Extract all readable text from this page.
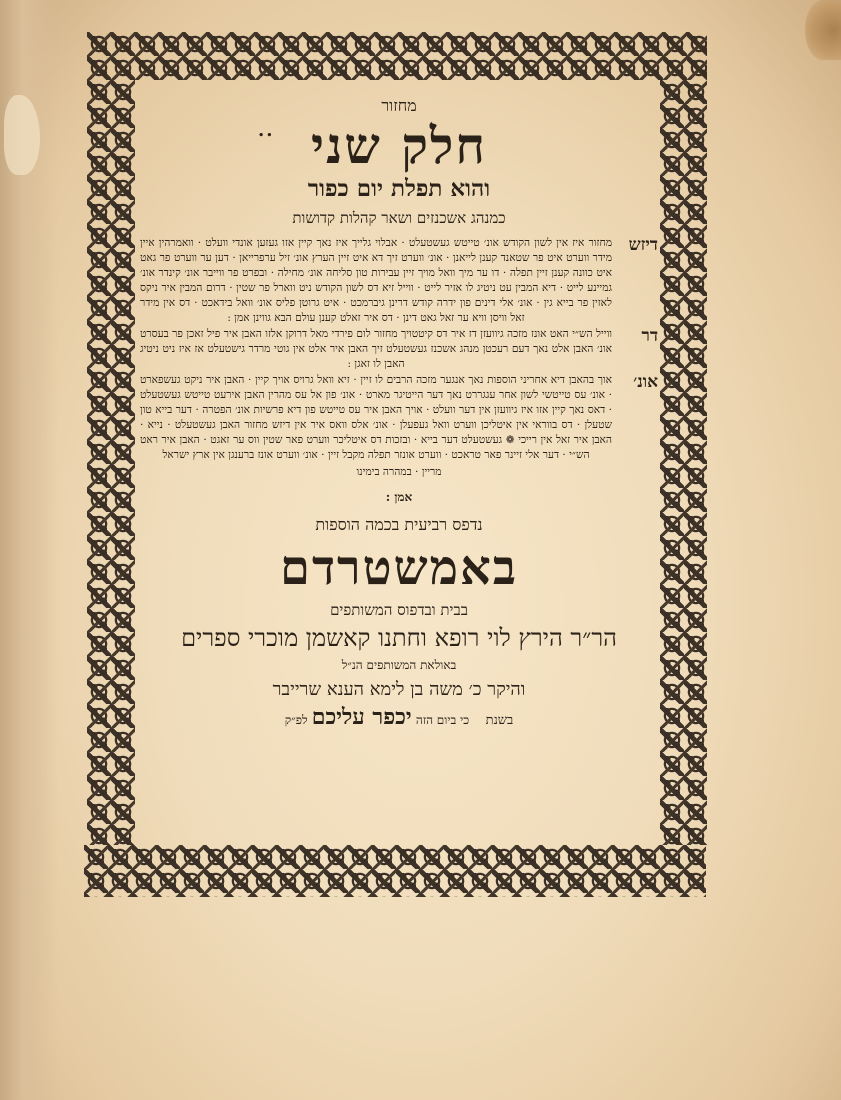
מחזור

.. חלק שני

והוא תפלת יום כפור

כמנהג אשכנזים ושאר קהלות קדושות

דיזש

מחזור איז אין לשון הקודש אונ׳ טייטש געשטעלט · אבלוי גלייך איז נאך קיין אזו געזען אונדי וועלט · וואמרהין איין מידר ווערט איט פר שטאנד קענן לייאנן · אונ׳ ווערט זיך דא איט זיין הערץ אונ׳ זיל ערפרייאן · דען ער ווערט פר גאט איט כוונה קענן זיין תפלה · דו ער מיך וואל מויך זיין עבירות טון סליחה אונ׳ מחילה · ובפרט פר ווייבר אונ׳ קינדר אונ׳ גמיינע לייט · דיא המבין עט ניטיג לו אזיר לייט · ווייל זיא דס לשון הקודש ניט ווארל פר שטין · דרום המבין איר ניקס לאזין פר בייא גין · אונ׳ אלי דינים פון ידרה קודש דרינן גיברמכט · איט גרוטן פליס אונ׳ וואל בידאכט · דס אין מידר זאל וויסן וויא ער זאל גאט דינן · דס איר זאלט קענן עולם הבא גווינן אמן :

דר

ווייל הש״י האט אונז מזכה גיוועזן דז איר דס קיטטויך מחזור לום פירדי מאל דרוקן אלזו האבן איר פיל זאכן פר בעסרט אונ׳ האבן אלט נאך דעם רעכטן מנהג אשכנז געשטעלט זיך האבן איר אלט אין גוטי מרדר גישטעלט אז איז ניט ניטיג האבן לו זאגן :

אונ׳

אוך בהאבן דיא אחריני הוספות נאך אנגער מזכה הרבים לו זיין · זיא וואל גרויס אויך קיין · האבן איר ניקט געשפארט · אונ׳ עס טייטשי לשון אחר עגגררט נאך דער הייטיגר מארט · אונ׳ פון אל עס מהרין האבן אירעט טייטש געשטעלט · דאס נאך קיין אזו איז גיוועזן אין דער וועלט · אויך האבן איר עס טייטש פון דיא פרשיות אונ׳ הפטרה · דער בייא טון שטעלן · דס בווראי אין איטליכן ווערט וואל געפעלן · אונ׳ אלס וואס איר אין דיזש מחזור האבן געשטעלט · נייא · האבן איר זאל אין רייכי ❁ געשטעלט דער בייא · ובזכות דס איטליכר ווערט פאר שטין ווס ער זאגט · האבן איר ראט הש״י · דער אלי זיינר פאר טראכט · ווערט אונזר תפלה מקבל זיין · אונ׳ ווערט אונז ברענגן אין ארץ ישראל

מריין · במהרה בימינו

אמן :

נדפס רביעית בכמה הוספות

באמשטרדם

בבית ובדפוס המשותפים

הר״ר הירץ לוי רופא וחתנו קאשמן מוכרי ספרים

באולאת המשותפים הנ״ל

והיקר כ׳ משה בן לימא הענא שרייבר

בשנת    כי ביום הזה יכפר עליכם לפ״ק
